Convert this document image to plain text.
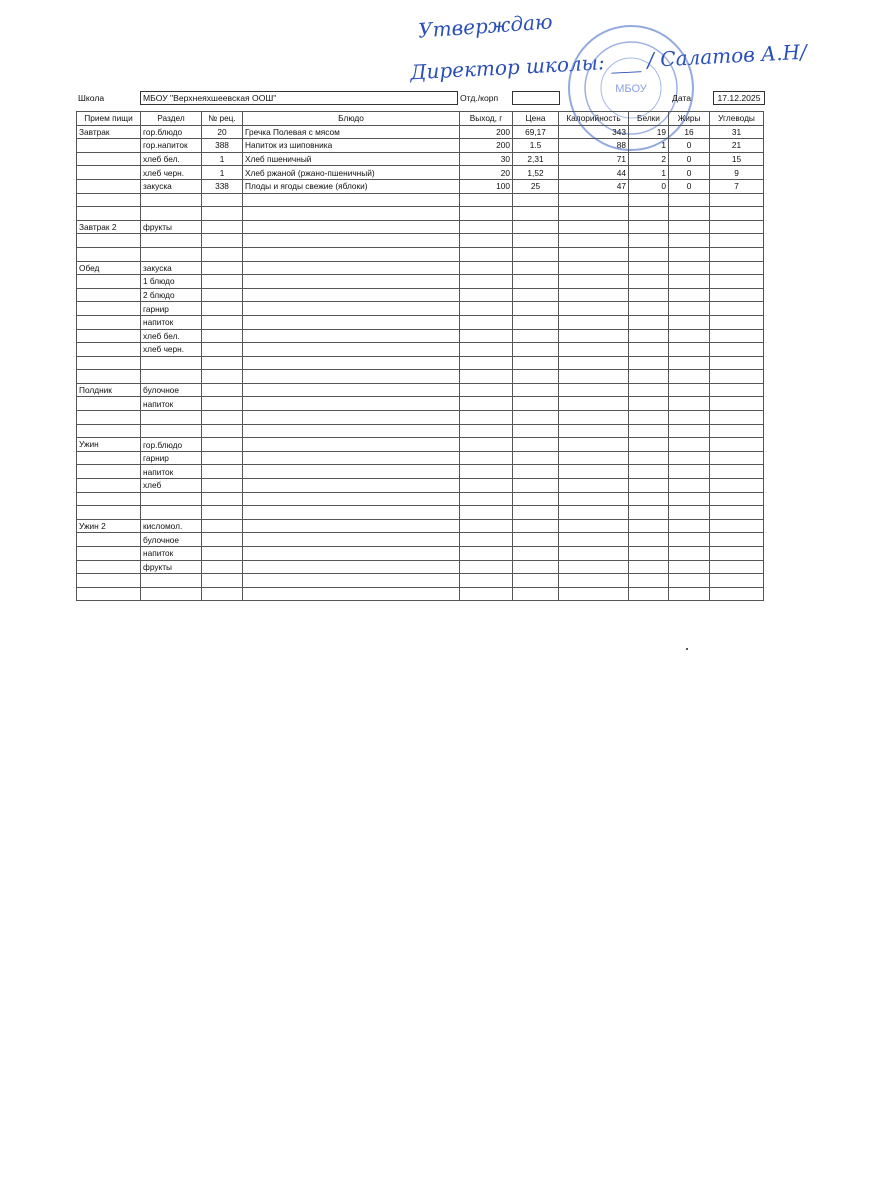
Утверждаю
Директор школы: ___ / Салатов А.Н/
МБОУ
Школа	МБОУ "Верхнеяхшеевская ООШ"	Отд./корп	Дата	17.12.2025
Прием пищи	Раздел	№ рец.	Блюдо	Выход, г	Цена	Калорийность	Белки	Жиры	Углеводы
Завтрак	гор.блюдо	20	Гречка Полевая с мясом	200	69,17	343	19	16	31
	гор.напиток	388	Напиток из шиповника	200	1.5	88	1	0	21
	хлеб бел.	1	Хлеб пшеничный	30	2,31	71	2	0	15
	хлеб черн.	1	Хлеб ржаной (ржано-пшеничный)	20	1,52	44	1	0	9
	закуска	338	Плоды и ягоды свежие (яблоки)	100	25	47	0	0	7

Завтрак 2	фрукты								

Обед	закуска								
	1 блюдо								
	2 блюдо								
	гарнир								
	напиток								
	хлеб бел.								
	хлеб черн.								

Полдник	булочное								
	напиток								

Ужин	гор.блюдо								
	гарнир								
	напиток								
	хлеб								

Ужин 2	кисломол.								
	булочное								
	напиток								
	фрукты								
